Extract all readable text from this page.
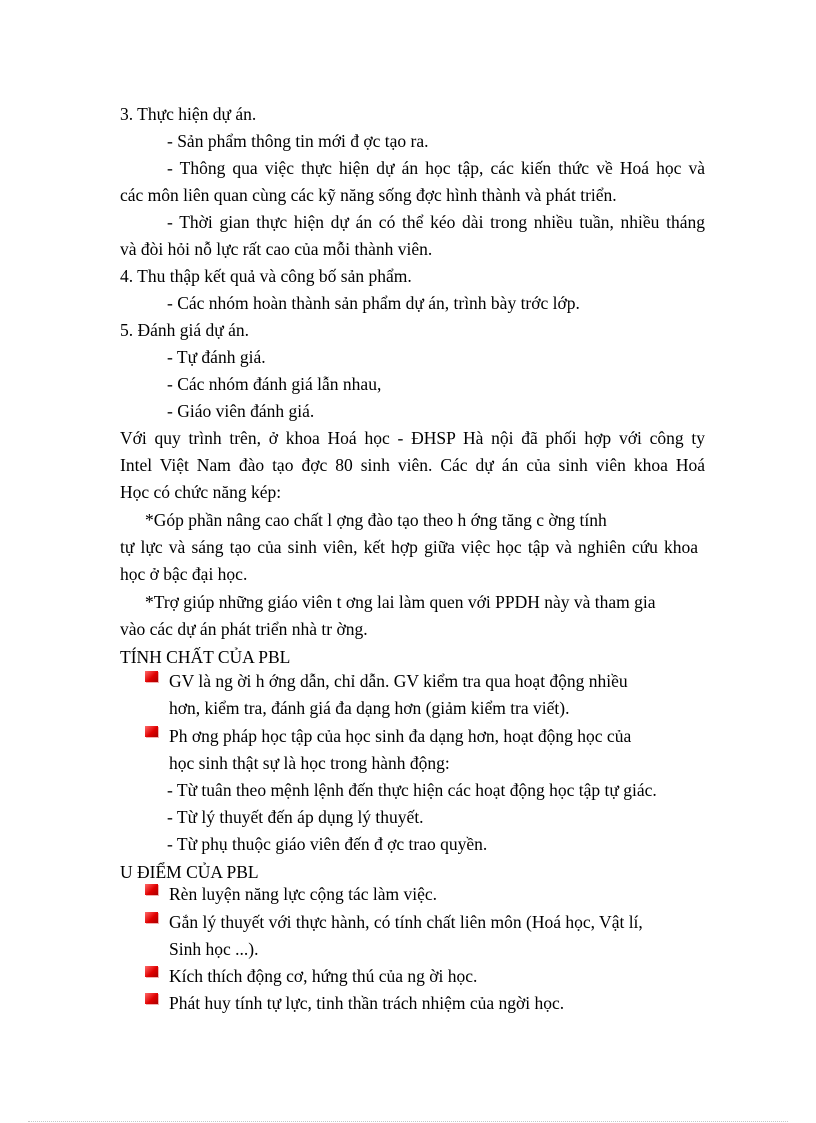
3. Thực hiện dự án.
- Sản phẩm thông tin mới đ ợc tạo ra.
- Thông qua việc thực hiện dự án học tập, các kiến thức về Hoá học và
các môn liên quan cùng các kỹ năng sống đợc hình thành và phát triển.
- Thời gian thực hiện dự án có thể kéo dài trong nhiều tuần, nhiều tháng
và đòi hỏi nỗ lực rất cao của mỗi thành viên.
4. Thu thập kết quả và công bố sản phẩm.
- Các nhóm hoàn thành sản phẩm dự án, trình bày trớc lớp.
5. Đánh giá dự án.
- Tự đánh giá.
- Các nhóm đánh giá lẫn nhau,
- Giáo viên đánh giá.
Với quy trình trên, ở khoa Hoá học - ĐHSP Hà nội đã phối hợp với công ty
Intel Việt Nam đào tạo đợc 80 sinh viên. Các dự án của sinh viên khoa Hoá
Học có chức năng kép:
*Góp phần nâng cao chất l ợng đào tạo theo h ớng tăng c ờng tính
tự lực và sáng tạo của sinh viên, kết hợp giữa việc học tập và nghiên cứu khoa
học ở bậc đại học.
*Trợ giúp những giáo viên t ơng lai làm quen với PPDH này và tham gia
vào các dự án phát triển nhà tr ờng.
TÍNH CHẤT CỦA PBL
GV là ng ời h ớng dẫn, chỉ dẫn. GV kiểm tra qua hoạt động nhiều
hơn, kiểm tra, đánh giá đa dạng hơn (giảm kiểm tra viết).
Ph ơng pháp học tập của học sinh đa dạng hơn, hoạt động học của
học sinh thật sự là học trong hành động:
- Từ tuân theo mệnh lệnh đến thực hiện các hoạt động học tập tự giác.
- Từ lý thuyết đến áp dụng lý thuyết.
- Từ phụ thuộc giáo viên đến đ ợc trao quyền.
U ĐIỂM CỦA PBL
Rèn luyện năng lực cộng tác làm việc.
Gắn lý thuyết với thực hành, có tính chất liên môn (Hoá học, Vật lí,
Sinh học ...).
Kích thích động cơ, hứng thú của ng ời học.
Phát huy tính tự lực, tinh thần trách nhiệm của ngời học.
